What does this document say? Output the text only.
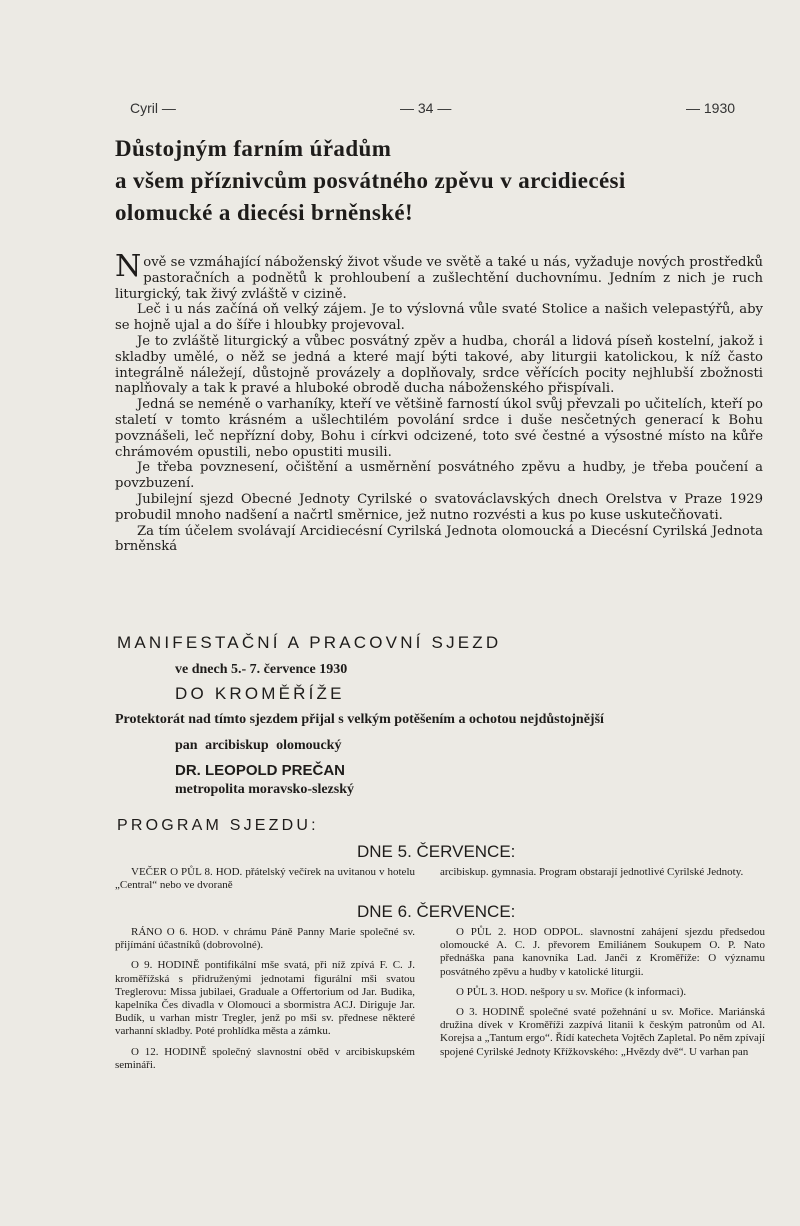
Cyril —	— 34 —	— 1930
Důstojným farním úřadům
a všem příznivcům posvátného zpěvu v arcidiecési
olomucké a diecési brněnské!

Nově se vzmáhající náboženský život všude ve světě a také u nás, vyžaduje nových prostředků pastoračních a podnětů k prohloubení a zušlechtění duchovnímu. Jedním z nich je ruch liturgický, tak živý zvláště v cizině.

Leč i u nás začíná oň velký zájem. Je to výslovná vůle svaté Stolice a našich velepastýřů, aby se hojně ujal a do šíře i hloubky projevoval.

Je to zvláště liturgický a vůbec posvátný zpěv a hudba, chorál a lidová píseň kostelní, jakož i skladby umělé, o něž se jedná a které mají býti takové, aby liturgii katolickou, k níž často integrálně náležejí, důstojně provázely a doplňovaly, srdce věřících pocity nejhlubší zbožnosti naplňovaly a tak k pravé a hluboké obrodě ducha náboženského přispívali.

Jedná se neméně o varhaníky, kteří ve většině farností úkol svůj převzali po učitelích, kteří po staletí v tomto krásném a ušlechtilém povolání srdce i duše nesčetných generací k Bohu povznášeli, leč nepřízní doby, Bohu i církvi odcizené, toto své čestné a výsostné místo na kůře chrámovém opustili, nebo opustiti musili.

Je třeba povznesení, očištění a usměrnění posvátného zpěvu a hudby, je třeba poučení a povzbuzení.

Jubilejní sjezd Obecné Jednoty Cyrilské o svatováclavských dnech Orelstva v Praze 1929 probudil mnoho nadšení a načrtl směrnice, jež nutno rozvésti a kus po kuse uskutečňovati.

Za tím účelem svolávají Arcidiecésní Cyrilská Jednota olomoucká a Diecésní Cyrilská Jednota brněnská

MANIFESTAČNÍ A PRACOVNÍ SJEZD
ve dnech 5.- 7. července 1930
DO KROMĚŘÍŽE
Protektorát nad tímto sjezdem přijal s velkým potěšením a ochotou nejdůstojnější
pan arcibiskup olomoucký
DR. LEOPOLD PREČAN
metropolita moravsko-slezský
PROGRAM SJEZDU:
DNE 5. ČERVENCE:

VEČER O PŮL 8. HOD. přátelský večírek na uvitanou v hotelu „Central“ nebo ve dvoraně

arcibiskup. gymnasia. Program obstarají jednotlivé Cyrilské Jednoty.

DNE 6. ČERVENCE:

RÁNO O 6. HOD. v chrámu Páně Panny Marie společné sv. přijímání účastníků (dobrovolné).

O 9. HODINĚ pontifikální mše svatá, při níž zpívá F. C. J. kroměřížská s přidruženými jednotami figurální mši svatou Treglerovu: Missa jubilaei, Graduale a Offertorium od Jar. Budika, kapelníka Čes divadla v Olomouci a sbormistra ACJ. Diriguje Jar. Budík, u varhan mistr Tregler, jenž po mši sv. přednese některé varhanní skladby. Poté prohlídka města a zámku.

O 12. HODINĚ společný slavnostní oběd v arcibiskupském semináři.

O PŮL 2. HOD ODPOL. slavnostní zahájení sjezdu předsedou olomoucké A. C. J. převorem Emiliánem Soukupem O. P. Nato přednáška pana kanovníka Lad. Janči z Kroměříže: O významu posvátného zpěvu a hudby v katolické liturgii.

O PŮL 3. HOD. nešpory u sv. Mořice (k informaci).

O 3. HODINĚ společné svaté požehnání u sv. Mořice. Mariánská družina dívek v Kroměříži zazpívá litanii k českým patronům od Al. Korejsa a „Tantum ergo“. Řídí katecheta Vojtěch Zapletal. Po něm zpívají spojené Cyrilské Jednoty Křížkovského: „Hvězdy dvě“. U varhan pan
